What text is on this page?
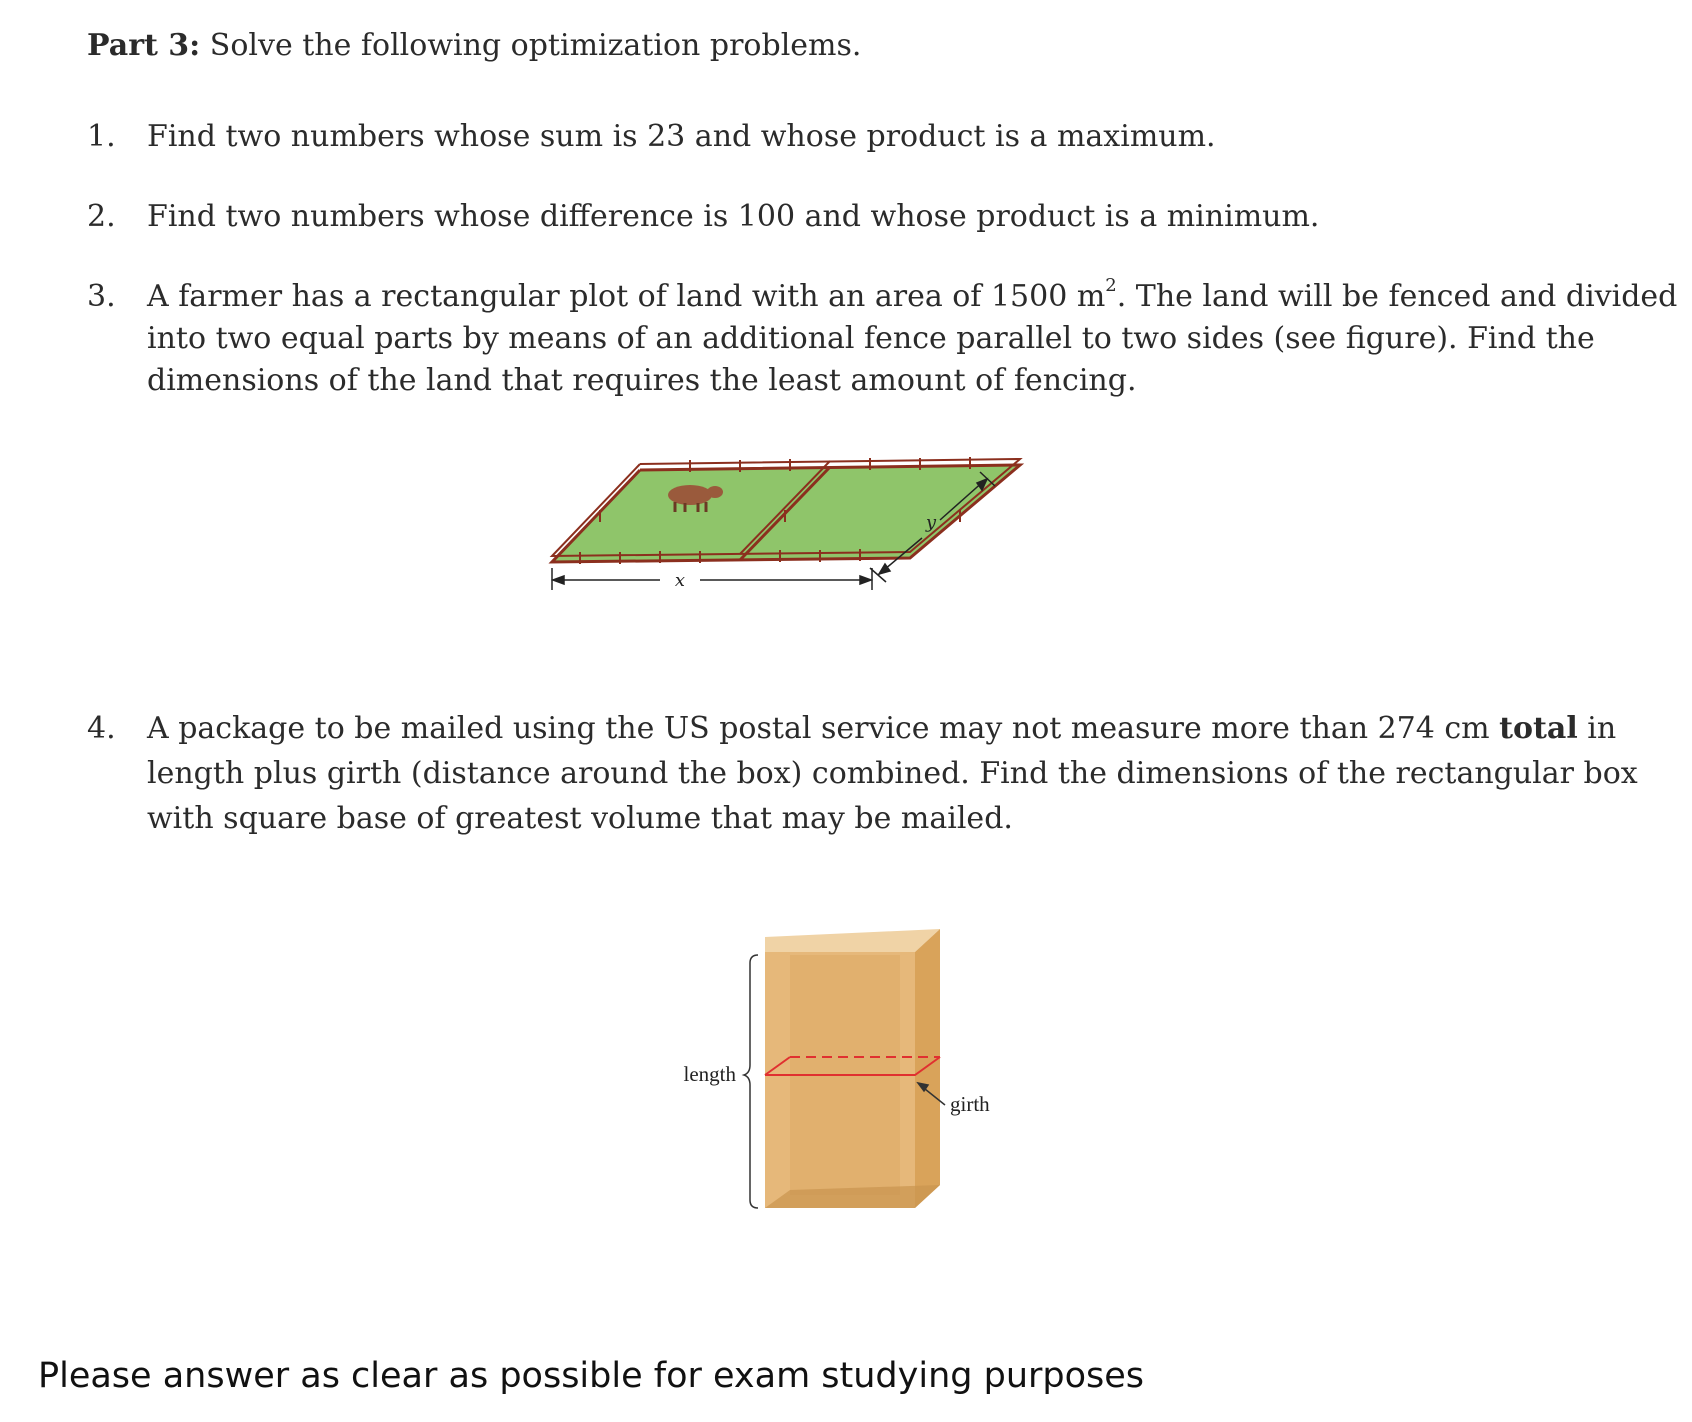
Part 3: Solve the following optimization problems.
1.	Find two numbers whose sum is 23 and whose product is a maximum.
2.	Find two numbers whose difference is 100 and whose product is a minimum.
3.	A farmer has a rectangular plot of land with an area of 1500 $m^2$. The land will be fenced and divided into two equal parts by means of an additional fence parallel to two sides (see figure). Find the dimensions of the land that requires the least amount of fencing.
x
y
4.	A package to be mailed using the US postal service may not measure more than 274 cm total in length plus girth (distance around the box) combined. Find the dimensions of the rectangular box with square base of greatest volume that may be mailed.
length
girth
Please answer as clear as possible for exam studying purposes
